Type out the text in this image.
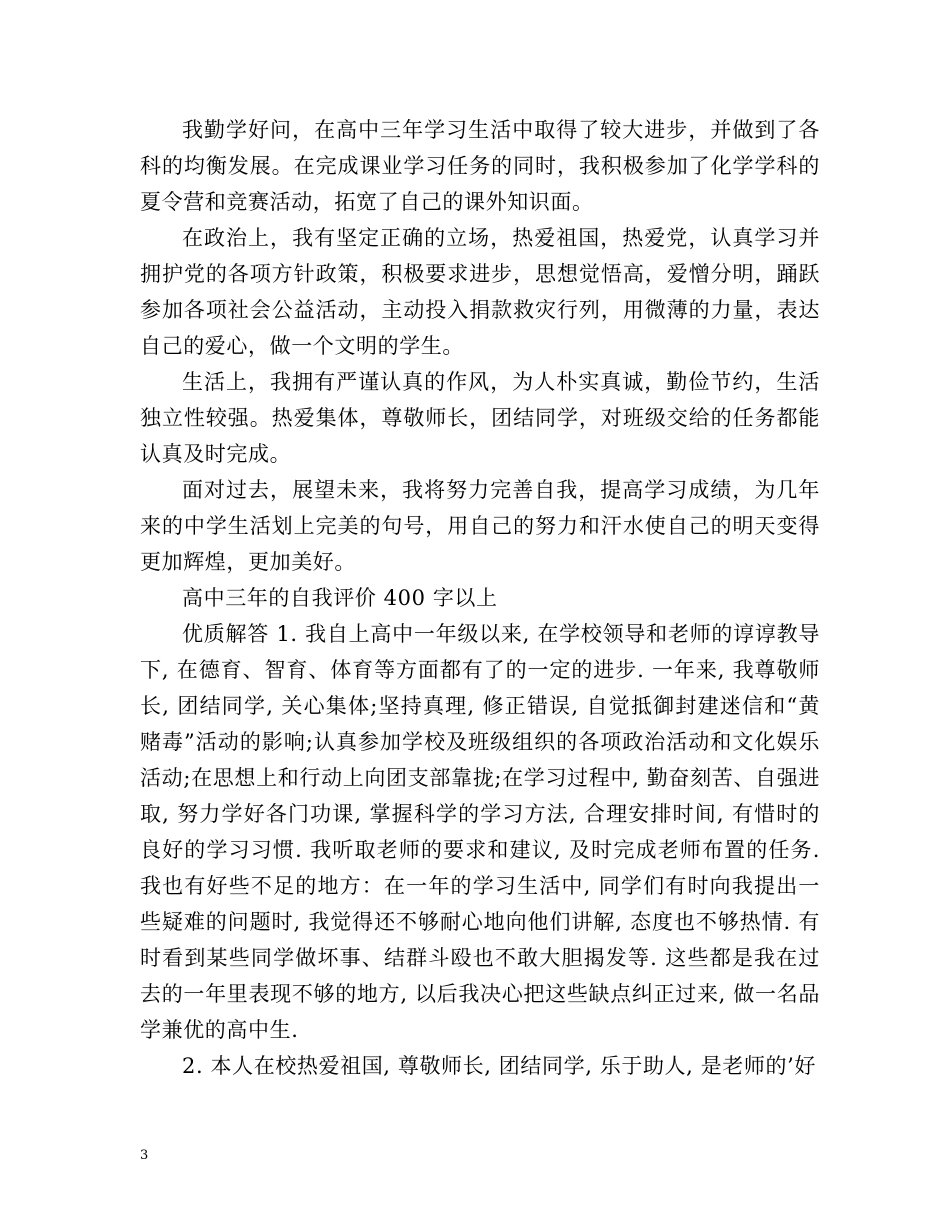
我勤学好问，在高中三年学习生活中取得了较大进步，并做到了各科的均衡发展。在完成课业学习任务的同时，我积极参加了化学学科的夏令营和竞赛活动，拓宽了自己的课外知识面。

在政治上，我有坚定正确的立场，热爱祖国，热爱党，认真学习并拥护党的各项方针政策，积极要求进步，思想觉悟高，爱憎分明，踊跃参加各项社会公益活动，主动投入捐款救灾行列，用微薄的力量，表达自己的爱心，做一个文明的学生。

生活上，我拥有严谨认真的作风，为人朴实真诚，勤俭节约，生活独立性较强。热爱集体，尊敬师长，团结同学，对班级交给的任务都能认真及时完成。

面对过去，展望未来，我将努力完善自我，提高学习成绩，为几年来的中学生活划上完美的句号，用自己的努力和汗水使自己的明天变得更加辉煌，更加美好。

高中三年的自我评价 400 字以上

优质解答 1. 我自上高中一年级以来, 在学校领导和老师的谆谆教导下, 在德育、智育、体育等方面都有了的一定的进步. 一年来, 我尊敬师长, 团结同学, 关心集体;坚持真理, 修正错误, 自觉抵御封建迷信和“黄赌毒”活动的影响;认真参加学校及班级组织的各项政治活动和文化娱乐活动;在思想上和行动上向团支部靠拢;在学习过程中, 勤奋刻苦、自强进取, 努力学好各门功课, 掌握科学的学习方法, 合理安排时间, 有惜时的良好的学习习惯. 我听取老师的要求和建议, 及时完成老师布置的任务. 我也有好些不足的地方：在一年的学习生活中, 同学们有时向我提出一些疑难的问题时, 我觉得还不够耐心地向他们讲解, 态度也不够热情. 有时看到某些同学做坏事、结群斗殴也不敢大胆揭发等. 这些都是我在过去的一年里表现不够的地方, 以后我决心把这些缺点纠正过来, 做一名品学兼优的高中生.

2. 本人在校热爱祖国, 尊敬师长, 团结同学, 乐于助人, 是老师的’好

3
